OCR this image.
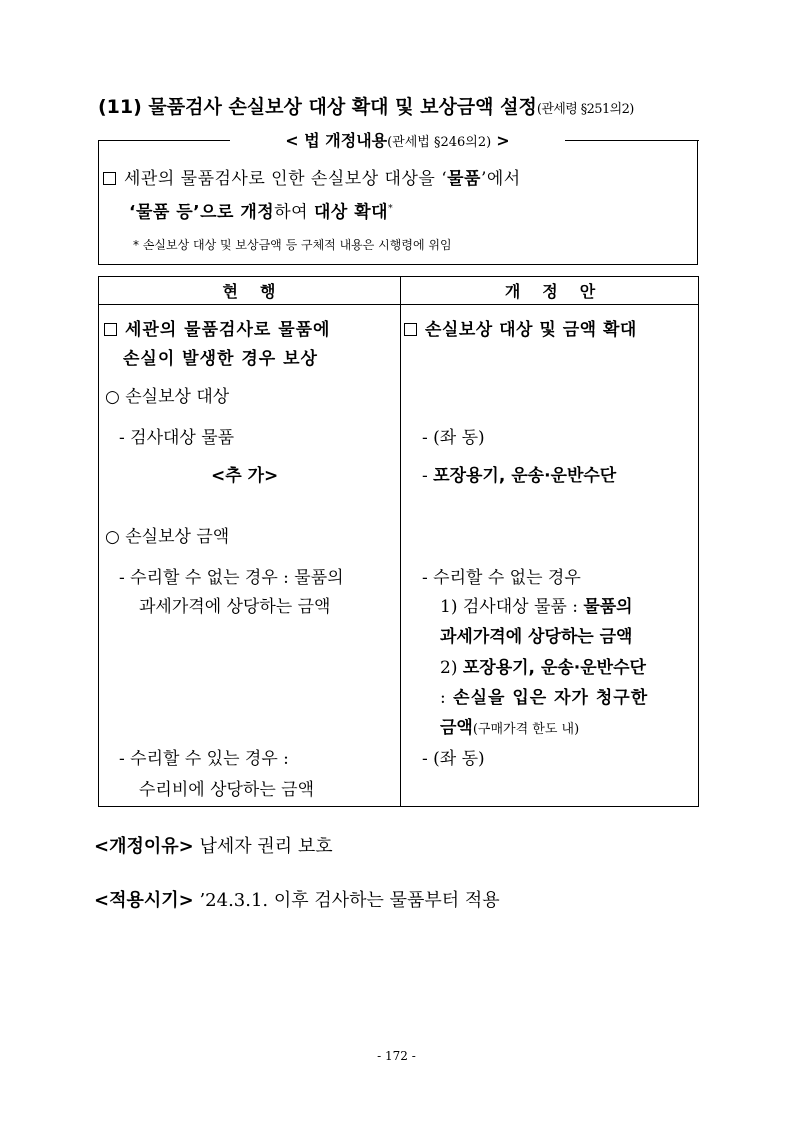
(11) 물품검사 손실보상 대상 확대 및 보상금액 설정(관세령 §251의2)
< 법 개정내용(관세법 §246의2) >
세관의 물품검사로 인한 손실보상 대상을 ‘물품’에서
‘물품 등’으로 개정하여 대상 확대*
* 손실보상 대상 및 보상금액 등 구체적 내용은 시행령에 위임
현행	개정안
세관의 물품검사로 물품에
손실이 발생한 경우 보상
○ 손실보상 대상
- 검사대상 물품
<추 가>
○ 손실보상 금액
- 수리할 수 없는 경우 : 물품의
과세가격에 상당하는 금액
- 수리할 수 있는 경우 :
수리비에 상당하는 금액
손실보상 대상 및 금액 확대
- (좌 동)
- 포장용기, 운송·운반수단
- 수리할 수 없는 경우
1) 검사대상 물품 : 물품의
과세가격에 상당하는 금액
2) 포장용기, 운송·운반수단
: 손실을 입은 자가 청구한
금액(구매가격 한도 내)
- (좌 동)
<개정이유> 납세자 권리 보호
<적용시기> ’24.3.1. 이후 검사하는 물품부터 적용
- 172 -
